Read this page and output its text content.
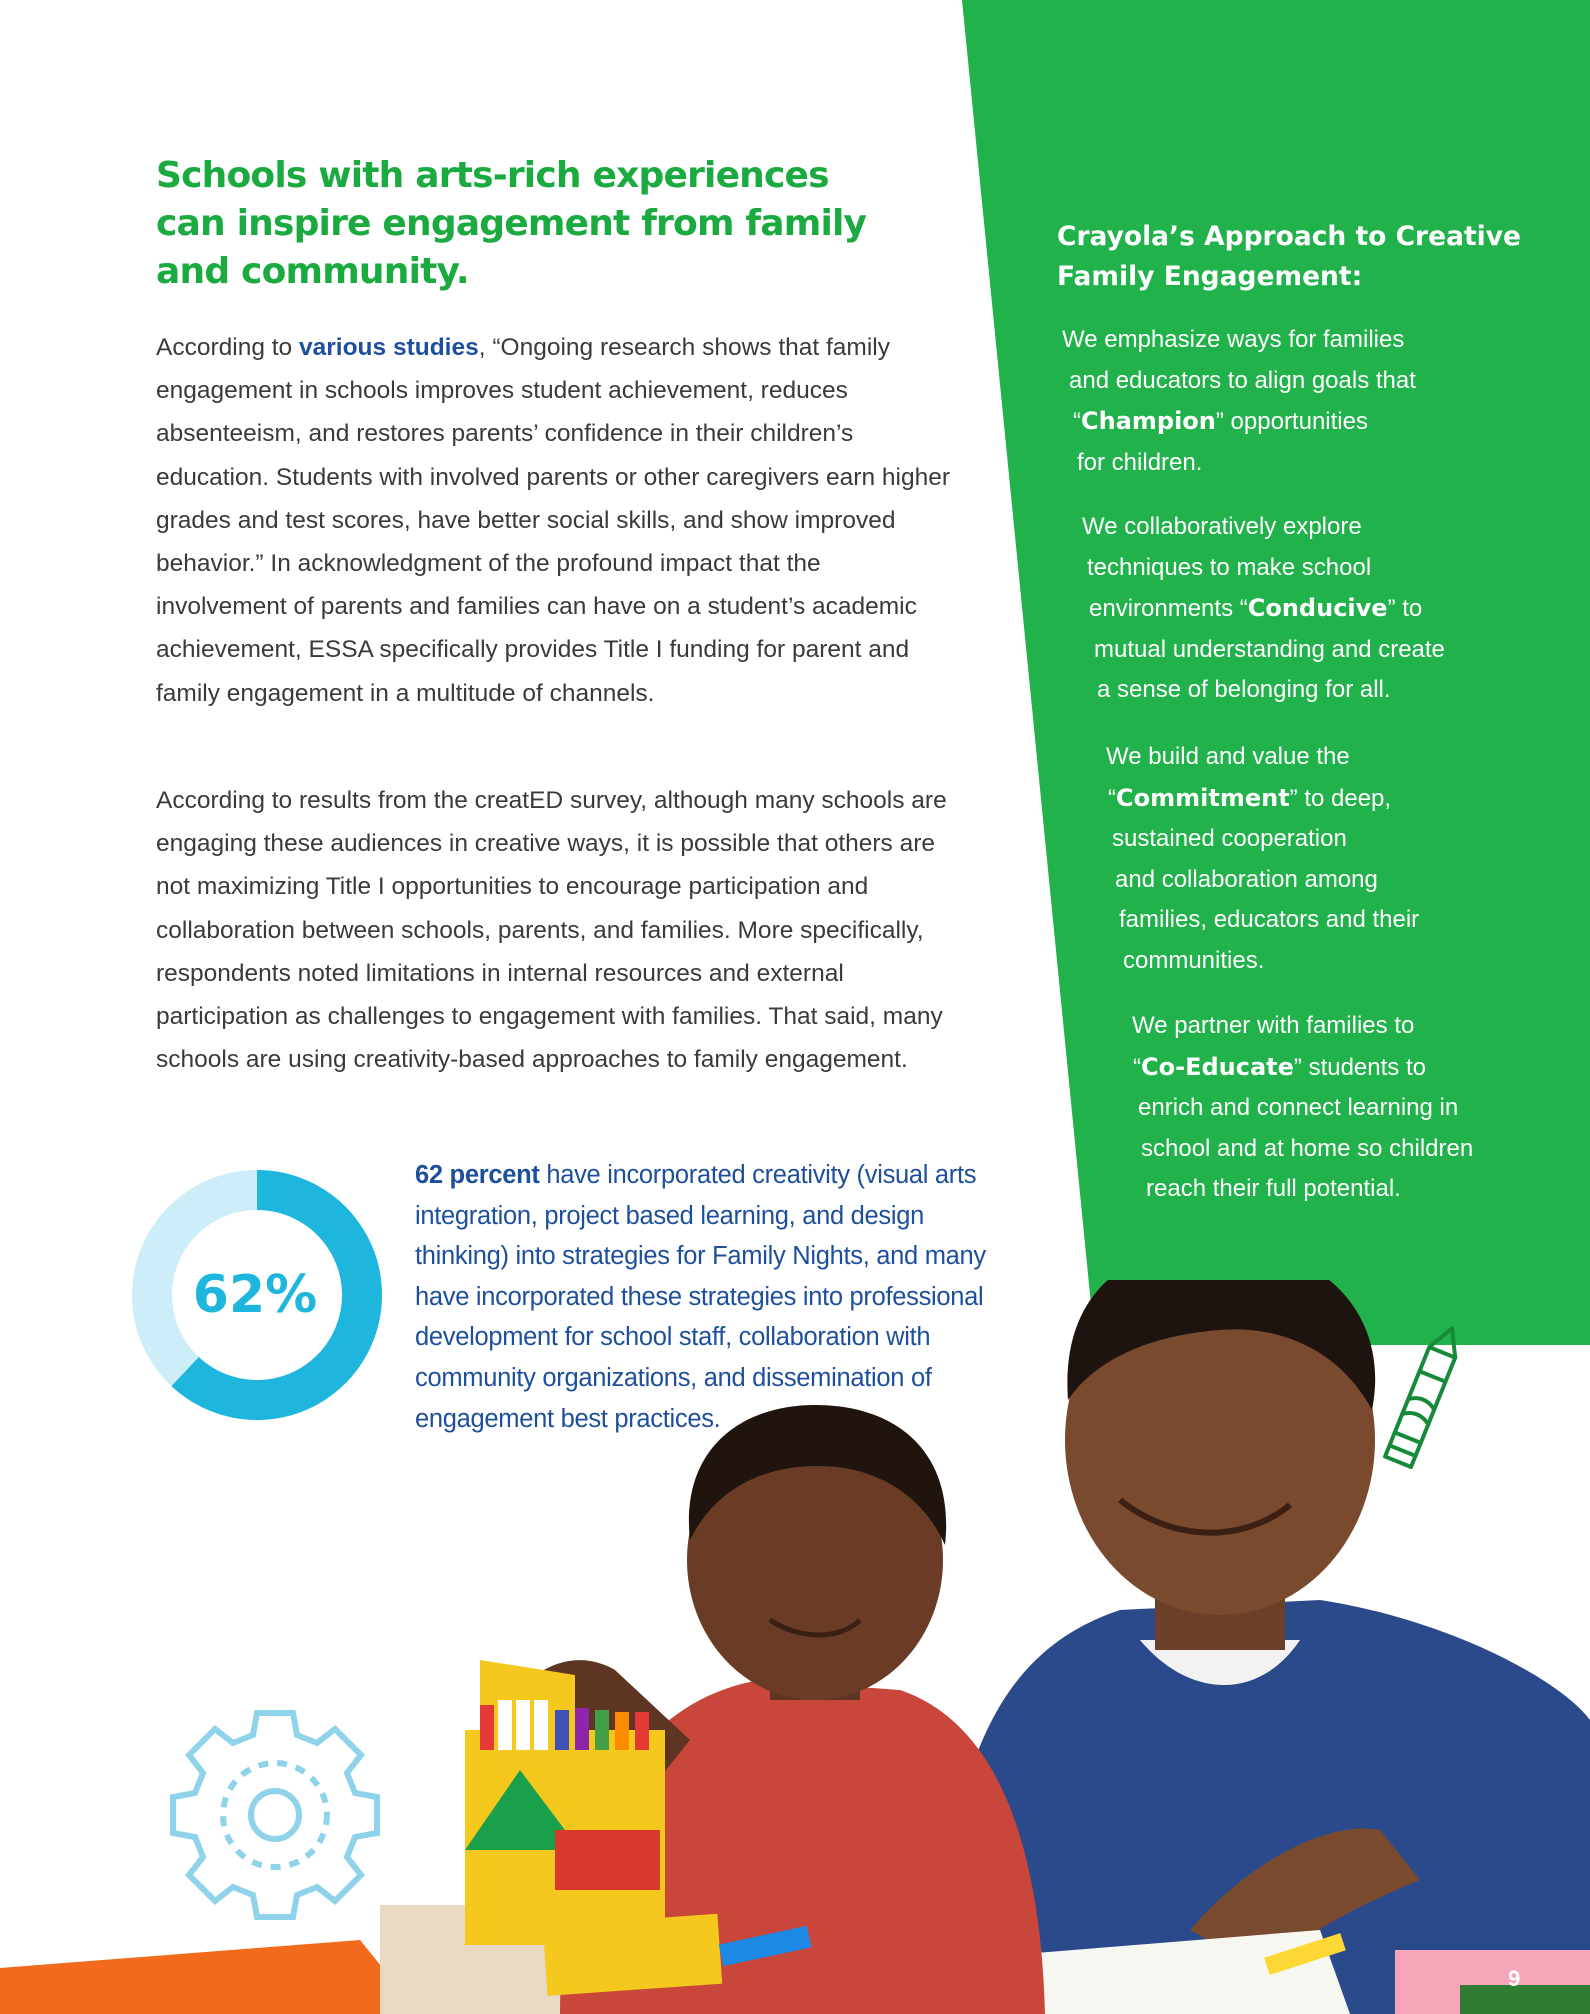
Schools with arts-rich experiences can inspire engagement from family and community.

According to various studies, “Ongoing research shows that family engagement in schools improves student achievement, reduces absenteeism, and restores parents’ confidence in their children’s education. Students with involved parents or other caregivers earn higher grades and test scores, have better social skills, and show improved behavior.” In acknowledgment of the profound impact that the involvement of parents and families can have on a student’s academic achievement, ESSA specifically provides Title I funding for parent and family engagement in a multitude of channels.

According to results from the creatED survey, although many schools are engaging these audiences in creative ways, it is possible that others are not maximizing Title I opportunities to encourage participation and collaboration between schools, parents, and families. More specifically, respondents noted limitations in internal resources and external participation as challenges to engagement with families. That said, many schools are using creativity-based approaches to family engagement.

62%

62 percent have incorporated creativity (visual arts integration, project based learning, and design thinking) into strategies for Family Nights, and many have incorporated these strategies into professional development for school staff, collaboration with community organizations, and dissemination of engagement best practices.

Crayola’s Approach to Creative Family Engagement:

We emphasize ways for families
and educators to align goals that
“Champion” opportunities
for children.

We collaboratively explore
techniques to make school
environments “Conducive” to
mutual understanding and create
a sense of belonging for all.

We build and value the
“Commitment” to deep,
sustained cooperation
and collaboration among
families, educators and their
communities.

We partner with families to
“Co-Educate” students to
enrich and connect learning in
school and at home so children
reach their full potential.

9
